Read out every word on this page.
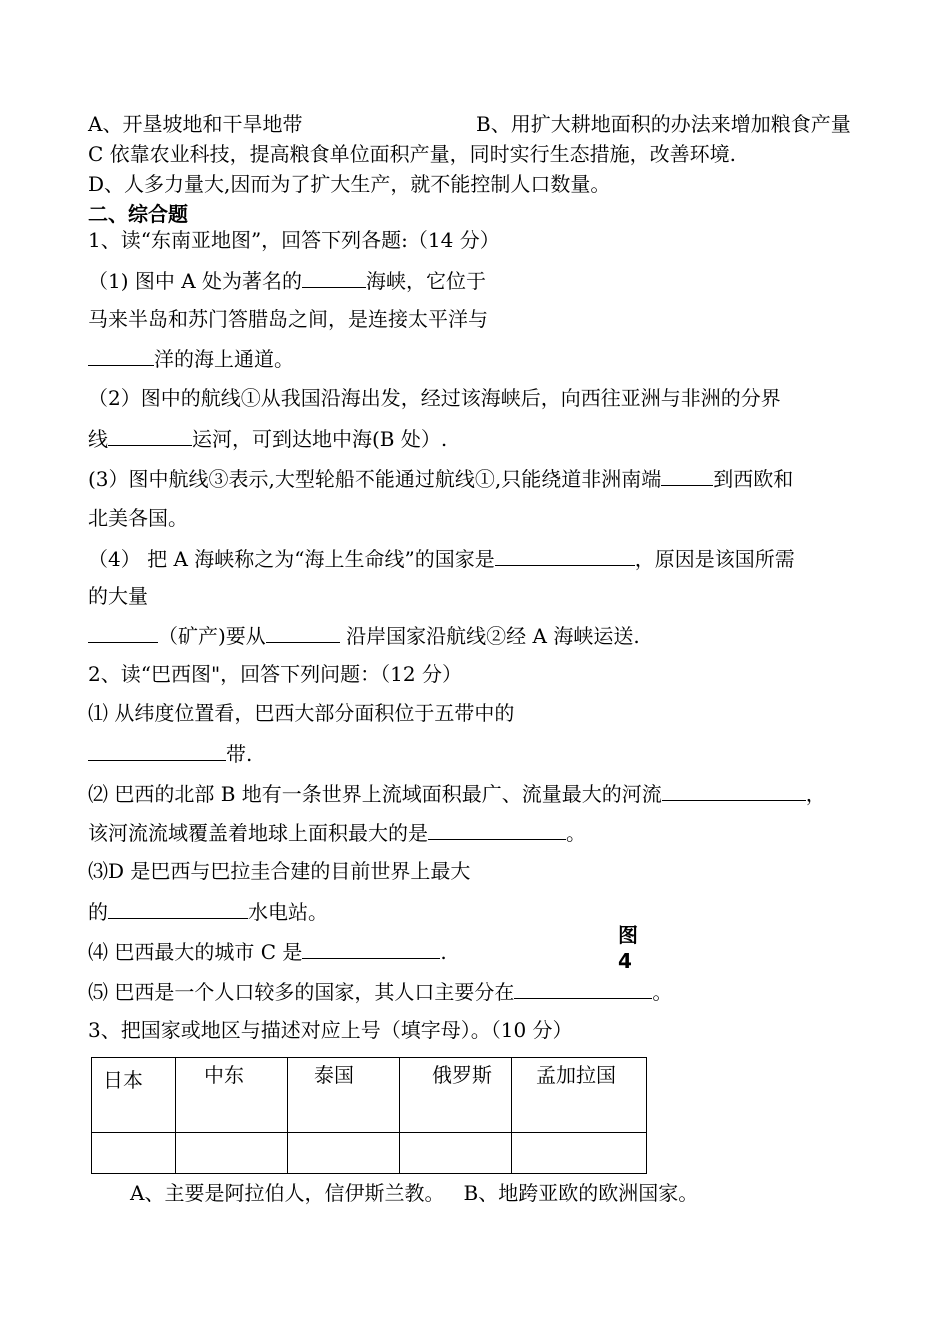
A、开垦坡地和干旱地带	B、用扩大耕地面积的办法来增加粮食产量
C 依靠农业科技，提高粮食单位面积产量，同时实行生态措施，改善环境.
D、人多力量大,因而为了扩大生产，就不能控制人口数量。
二、综合题
1、读“东南亚地图”，回答下列各题:（14 分）
（1) 图中 A 处为著名的	海峡，它位于
马来半岛和苏门答腊岛之间，是连接太平洋与
洋的海上通道。
（2）图中的航线①从我国沿海出发，经过该海峡后，向西往亚洲与非洲的分界
线	运河，可到达地中海(B 处）.
(3）图中航线③表示,大型轮船不能通过航线①,只能绕道非洲南端	到西欧和
北美各国。
（4） 把 A 海峡称之为“海上生命线”的国家是	，原因是该国所需
的大量
（矿产)要从	沿岸国家沿航线②经 A 海峡运送.
2、读“巴西图"，回答下列问题：（12 分）
⑴ 从纬度位置看，巴西大部分面积位于五带中的
带.
⑵ 巴西的北部 B 地有一条世界上流域面积最广、流量最大的河流	，
该河流流域覆盖着地球上面积最大的是	。
⑶D 是巴西与巴拉圭合建的目前世界上最大
的	水电站。
⑷ 巴西最大的城市 C 是	.
图4
⑸ 巴西是一个人口较多的国家，其人口主要分在	。
3、把国家或地区与描述对应上号（填字母）。（10 分）
日本	中东	泰国	俄罗斯	孟加拉国

A、主要是阿拉伯人，信伊斯兰教。   B、地跨亚欧的欧洲国家。
